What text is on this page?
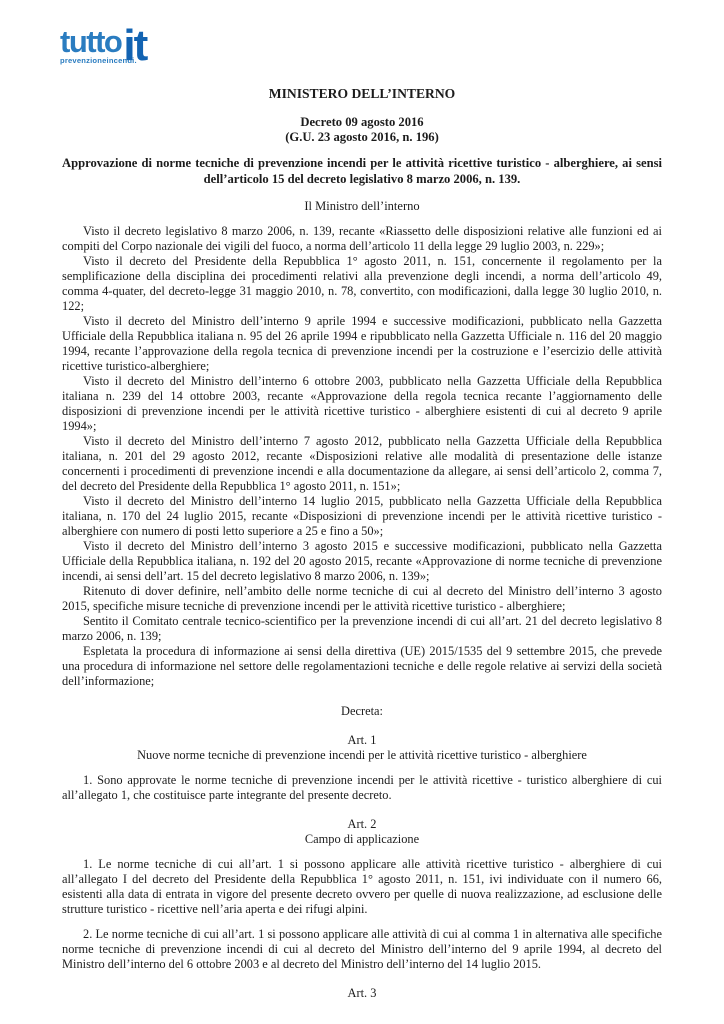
tutto it
prevenzioneincendi.
MINISTERO DELL’INTERNO
Decreto 09 agosto 2016
(G.U. 23 agosto 2016, n. 196)

Approvazione di norme tecniche di prevenzione incendi per le attività ricettive turistico - alberghiere, ai sensi dell’articolo 15 del decreto legislativo 8 marzo 2006, n. 139.

Il Ministro dell’interno

Visto il decreto legislativo 8 marzo 2006, n. 139, recante «Riassetto delle disposizioni relative alle funzioni ed ai compiti del Corpo nazionale dei vigili del fuoco, a norma dell’articolo 11 della legge 29 luglio 2003, n. 229»;

Visto il decreto del Presidente della Repubblica 1° agosto 2011, n. 151, concernente il regolamento per la semplificazione della disciplina dei procedimenti relativi alla prevenzione degli incendi, a norma dell’articolo 49, comma 4-quater, del decreto-legge 31 maggio 2010, n. 78, convertito, con modificazioni, dalla legge 30 luglio 2010, n. 122;

Visto il decreto del Ministro dell’interno 9 aprile 1994 e successive modificazioni, pubblicato nella Gazzetta Ufficiale della Repubblica italiana n. 95 del 26 aprile 1994 e ripubblicato nella Gazzetta Ufficiale n. 116 del 20 maggio 1994, recante l’approvazione della regola tecnica di prevenzione incendi per la costruzione e l’esercizio delle attività ricettive turistico-alberghiere;

Visto il decreto del Ministro dell’interno 6 ottobre 2003, pubblicato nella Gazzetta Ufficiale della Repubblica italiana n. 239 del 14 ottobre 2003, recante «Approvazione della regola tecnica recante l’aggiornamento delle disposizioni di prevenzione incendi per le attività ricettive turistico - alberghiere esistenti di cui al decreto 9 aprile 1994»;

Visto il decreto del Ministro dell’interno 7 agosto 2012, pubblicato nella Gazzetta Ufficiale della Repubblica italiana, n. 201 del 29 agosto 2012, recante «Disposizioni relative alle modalità di presentazione delle istanze concernenti i procedimenti di prevenzione incendi e alla documentazione da allegare, ai sensi dell’articolo 2, comma 7, del decreto del Presidente della Repubblica 1° agosto 2011, n. 151»;

Visto il decreto del Ministro dell’interno 14 luglio 2015, pubblicato nella Gazzetta Ufficiale della Repubblica italiana, n. 170 del 24 luglio 2015, recante «Disposizioni di prevenzione incendi per le attività ricettive turistico - alberghiere con numero di posti letto superiore a 25 e fino a 50»;

Visto il decreto del Ministro dell’interno 3 agosto 2015 e successive modificazioni, pubblicato nella Gazzetta Ufficiale della Repubblica italiana, n. 192 del 20 agosto 2015, recante «Approvazione di norme tecniche di prevenzione incendi, ai sensi dell’art. 15 del decreto legislativo 8 marzo 2006, n. 139»;

Ritenuto di dover definire, nell’ambito delle norme tecniche di cui al decreto del Ministro dell’interno 3 agosto 2015, specifiche misure tecniche di prevenzione incendi per le attività ricettive turistico - alberghiere;

Sentito il Comitato centrale tecnico-scientifico per la prevenzione incendi di cui all’art. 21 del decreto legislativo 8 marzo 2006, n. 139;

Espletata la procedura di informazione ai sensi della direttiva (UE) 2015/1535 del 9 settembre 2015, che prevede una procedura di informazione nel settore delle regolamentazioni tecniche e delle regole relative ai servizi della società dell’informazione;

Decreta:
Art. 1
Nuove norme tecniche di prevenzione incendi per le attività ricettive turistico - alberghiere

1. Sono approvate le norme tecniche di prevenzione incendi per le attività ricettive - turistico alberghiere di cui all’allegato 1, che costituisce parte integrante del presente decreto.

Art. 2
Campo di applicazione

1. Le norme tecniche di cui all’art. 1 si possono applicare alle attività ricettive turistico - alberghiere di cui all’allegato I del decreto del Presidente della Repubblica 1° agosto 2011, n. 151, ivi individuate con il numero 66, esistenti alla data di entrata in vigore del presente decreto ovvero per quelle di nuova realizzazione, ad esclusione delle strutture turistico - ricettive nell’aria aperta e dei rifugi alpini.

2. Le norme tecniche di cui all’art. 1 si possono applicare alle attività di cui al comma 1 in alternativa alle specifiche norme tecniche di prevenzione incendi di cui al decreto del Ministro dell’interno del 9 aprile 1994, al decreto del Ministro dell’interno del 6 ottobre 2003 e al decreto del Ministro dell’interno del 14 luglio 2015.

Art. 3
